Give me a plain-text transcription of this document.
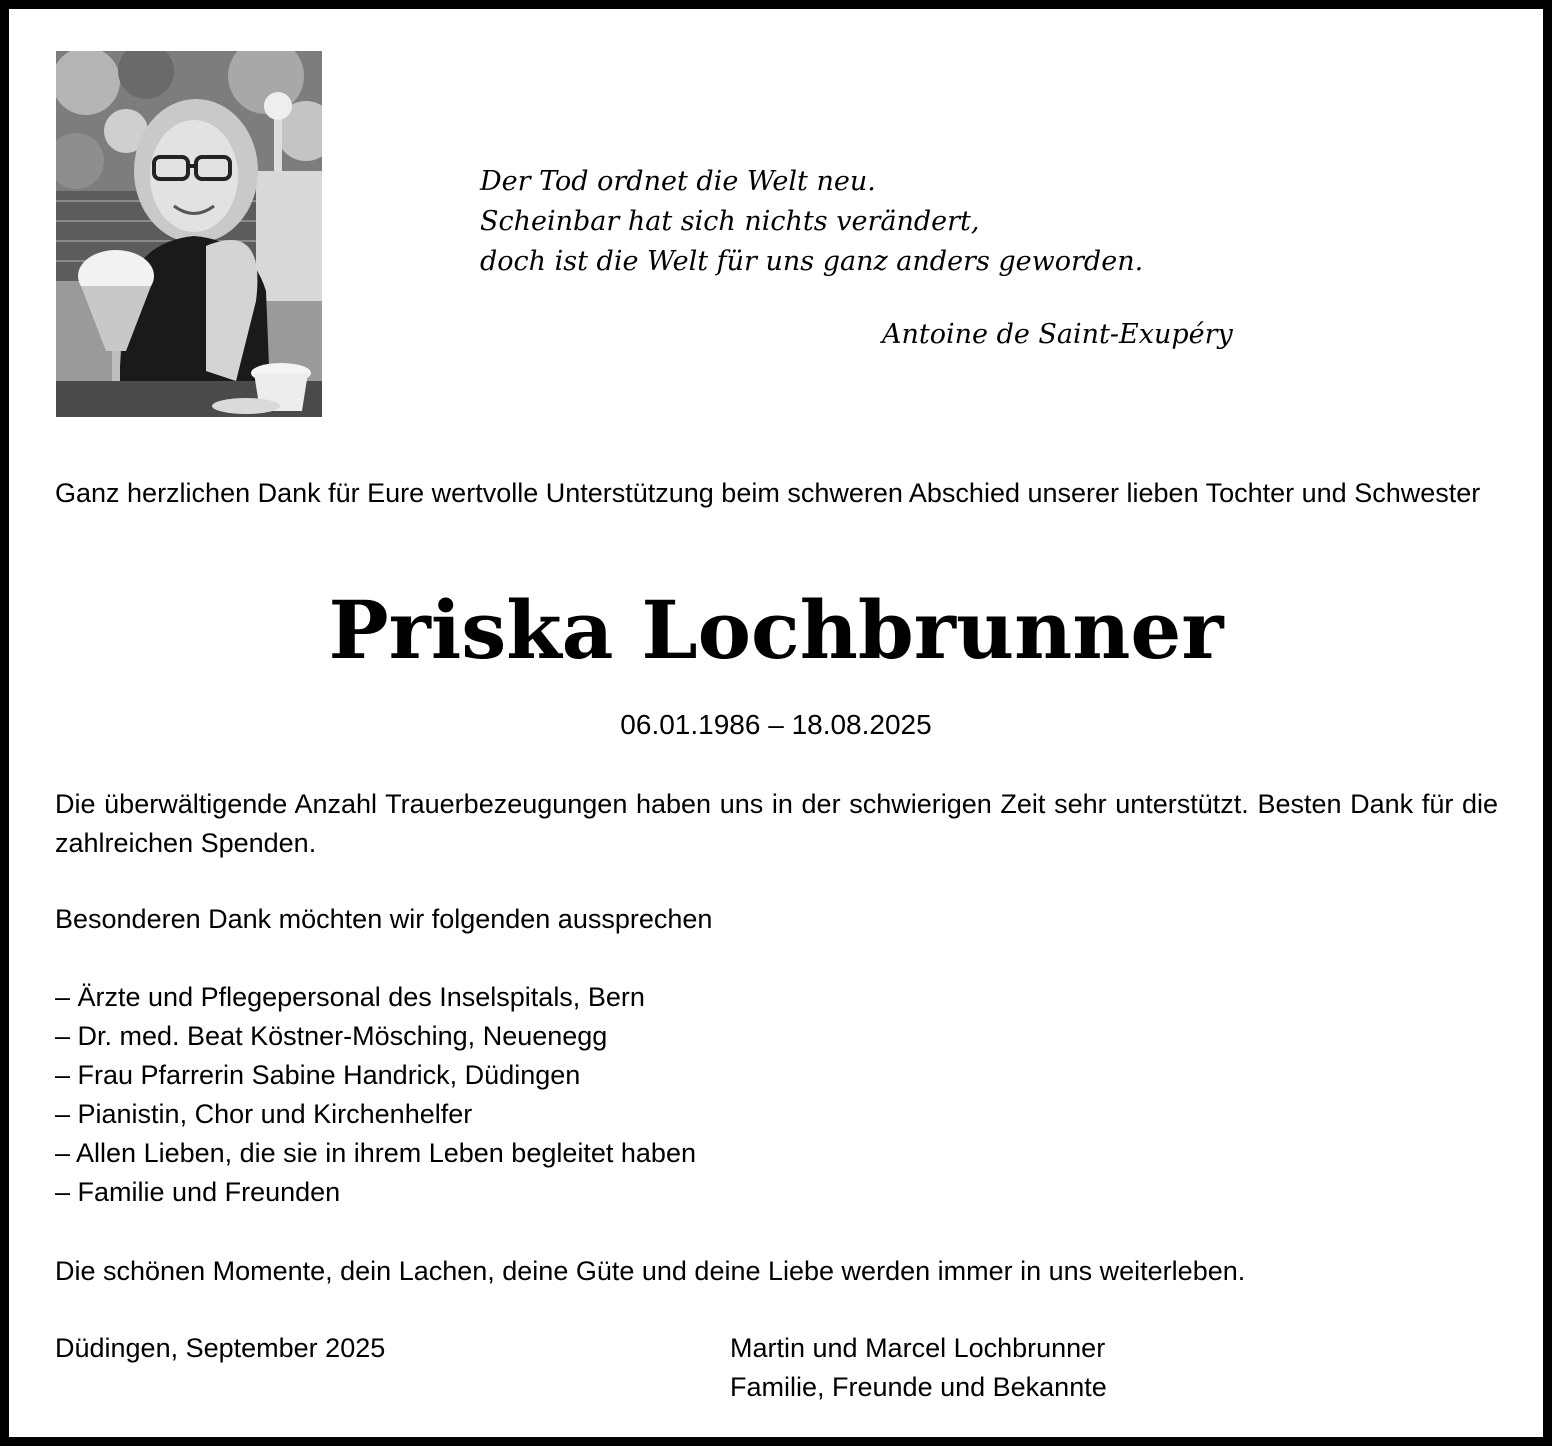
Der Tod ordnet die Welt neu.
Scheinbar hat sich nichts verändert,
doch ist die Welt für uns ganz anders geworden.
Antoine de Saint-Exupéry
Ganz herzlichen Dank für Eure wertvolle Unterstützung beim schweren Abschied unserer lieben Tochter und Schwester
Priska Lochbrunner
06.01.1986 – 18.08.2025
Die überwältigende Anzahl Trauerbezeugungen haben uns in der schwierigen Zeit sehr unterstützt. Besten Dank für die zahlreichen Spenden.
Besonderen Dank möchten wir folgenden aussprechen
– Ärzte und Pflegepersonal des Inselspitals, Bern
– Dr. med. Beat Köstner-Mösching, Neuenegg
– Frau Pfarrerin Sabine Handrick, Düdingen
– Pianistin, Chor und Kirchenhelfer
– Allen Lieben, die sie in ihrem Leben begleitet haben
– Familie und Freunden
Die schönen Momente, dein Lachen, deine Güte und deine Liebe werden immer in uns weiterleben.
Düdingen, September 2025	Martin und Marcel Lochbrunner
Familie, Freunde und Bekannte
